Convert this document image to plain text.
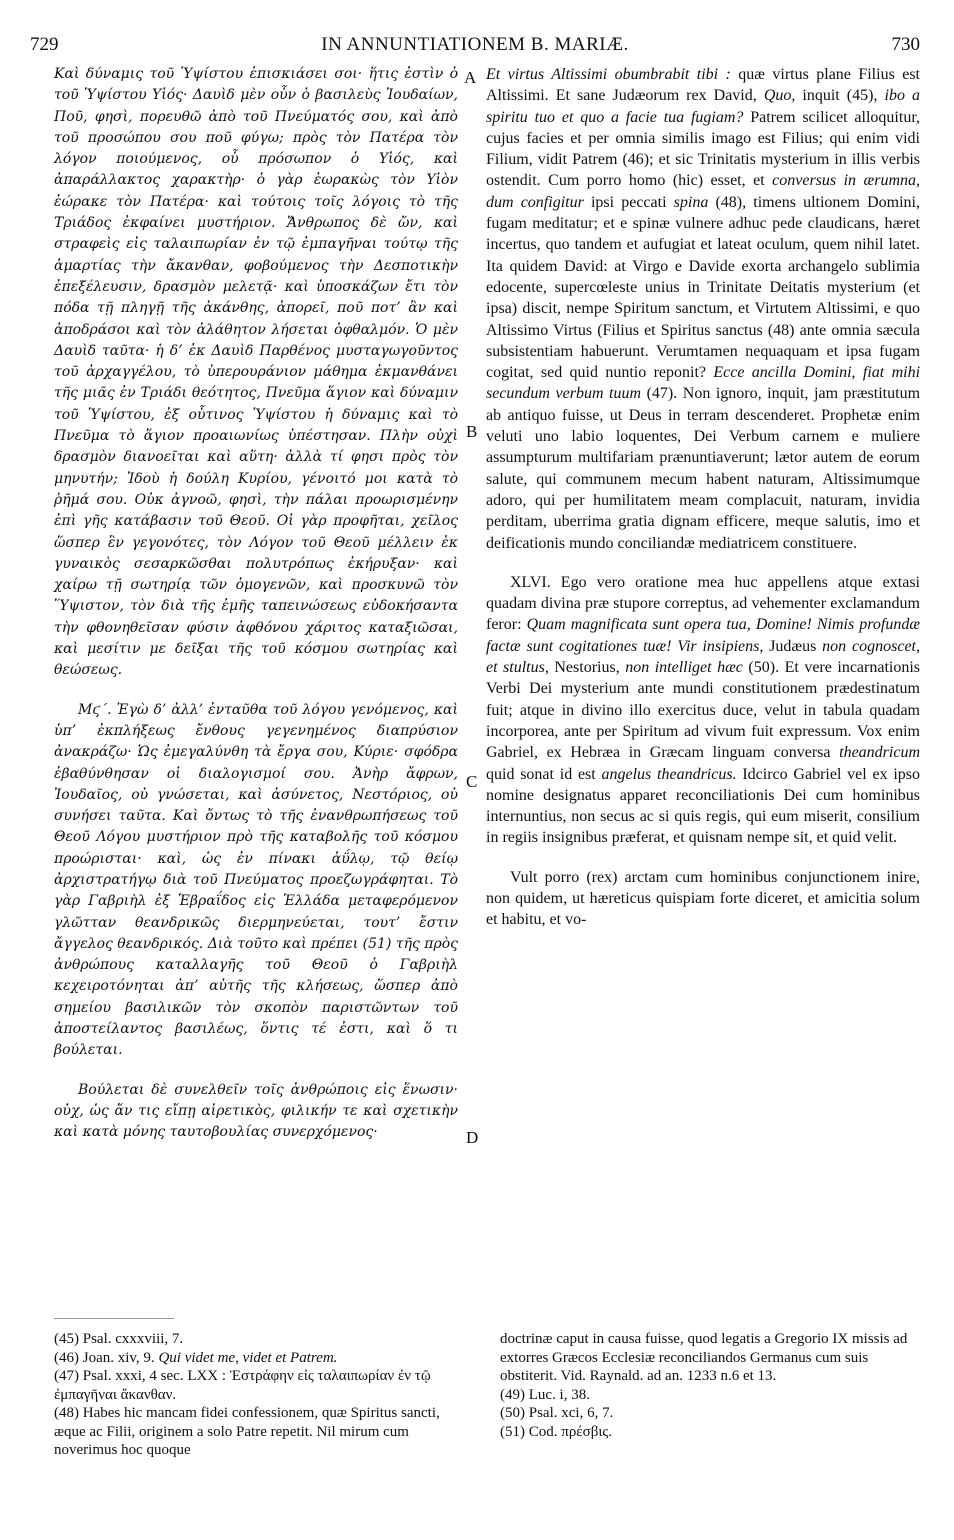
729	IN ANNUNTIATIONEM B. MARIÆ.	730

Καὶ δύναμις τοῦ Ὑψίστου ἐπισκιάσει σοι· ἥτις ἐστὶν ὁ τοῦ Ὑψίστου Υἱός· Δαυὶδ μὲν οὖν ὁ βασιλεὺς Ἰουδαίων, Ποῦ, φησὶ, πορευθῶ ἀπὸ τοῦ Πνεύματός σου, καὶ ἀπὸ τοῦ προσώπου σου ποῦ φύγω; πρὸς τὸν Πατέρα τὸν λόγον ποιούμενος, οὗ πρόσωπον ὁ Υἱός, καὶ ἀπαράλλακτος χαρακτὴρ· ὁ γὰρ ἑωρακὼς τὸν Υἱὸν ἑώρακε τὸν Πατέρα· καὶ τούτοις τοῖς λόγοις τὸ τῆς Τριάδος ἐκφαίνει μυστήριον. Ἄνθρωπος δὲ ὤν, καὶ στραφεὶς εἰς ταλαιπωρίαν ἐν τῷ ἐμπαγῆναι τούτῳ τῆς ἁμαρτίας τὴν ἄκανθαν, φοβούμενος τὴν Δεσποτικὴν ἐπεξέλευσιν, δρασμὸν μελετᾷ· καὶ ὑποσκάζων ἔτι τὸν πόδα τῇ πληγῇ τῆς ἀκάνθης, ἀπορεῖ, ποῦ ποτ’ ἂν καὶ ἀποδράσοι καὶ τὸν ἀλάθητον λήσεται ὀφθαλμόν. Ὁ μὲν Δαυὶδ ταῦτα· ἡ δ’ ἐκ Δαυὶδ Παρθένος μυσταγωγοῦντος τοῦ ἀρχαγγέλου, τὸ ὑπερουράνιον μάθημα ἐκμανθάνει τῆς μιᾶς ἐν Τριάδι θεότητος, Πνεῦμα ἅγιον καὶ δύναμιν τοῦ Ὑψίστου, ἐξ οὗτινος Ὑψίστου ἡ δύναμις καὶ τὸ Πνεῦμα τὸ ἅγιον προαιωνίως ὑπέστησαν. Πλὴν οὐχὶ δρασμὸν διανοεῖται καὶ αὕτη· ἀλλὰ τί φησι πρὸς τὸν μηνυτήν; Ἰδοὺ ἡ δούλη Κυρίου, γένοιτό μοι κατὰ τὸ ῥῆμά σου. Οὐκ ἀγνοῶ, φησὶ, τὴν πάλαι προωρισμένην ἐπὶ γῆς κατάβασιν τοῦ Θεοῦ. Οἱ γὰρ προφῆται, χεῖλος ὥσπερ ἓν γεγονότες, τὸν Λόγον τοῦ Θεοῦ μέλλειν ἐκ γυναικὸς σεσαρκῶσθαι πολυτρόπως ἐκήρυξαν· καὶ χαίρω τῇ σωτηρίᾳ τῶν ὁμογενῶν, καὶ προσκυνῶ τὸν Ὕψιστον, τὸν διὰ τῆς ἐμῆς ταπεινώσεως εὐδοκήσαντα τὴν φθονηθεῖσαν φύσιν ἀφθόνου χάριτος καταξιῶσαι, καὶ μεσίτιν με δεῖξαι τῆς τοῦ κόσμου σωτηρίας καὶ θεώσεως.

Μϛ΄. Ἐγὼ δ’ ἀλλ’ ἐνταῦθα τοῦ λόγου γενόμενος, καὶ ὑπ’ ἐκπλήξεως ἔνθους γεγενημένος διαπρύσιον ἀνακράζω· Ὡς ἐμεγαλύνθη τὰ ἔργα σου, Κύριε· σφόδρα ἐβαθύνθησαν οἱ διαλογισμοί σου. Ἀνὴρ ἄφρων, Ἰουδαῖος, οὐ γνώσεται, καὶ ἀσύνετος, Νεστόριος, οὐ συνήσει ταῦτα. Καὶ ὄντως τὸ τῆς ἐνανθρωπήσεως τοῦ Θεοῦ Λόγου μυστήριον πρὸ τῆς καταβολῆς τοῦ κόσμου προώρισται· καὶ, ὡς ἐν πίνακι ἀΰλῳ, τῷ θείῳ ἀρχιστρατήγῳ διὰ τοῦ Πνεύματος προεζωγράφηται. Τὸ γὰρ Γαβριὴλ ἐξ Ἑβραΐδος εἰς Ἑλλάδα μεταφερόμενον γλῶτταν θεανδρικῶς διερμηνεύεται, τουτ’ ἔστιν ἄγγελος θεανδρικός. Διὰ τοῦτο καὶ πρέπει (51) τῆς πρὸς ἀνθρώπους καταλλαγῆς τοῦ Θεοῦ ὁ Γαβριὴλ κεχειροτόνηται ἀπ’ αὐτῆς τῆς κλήσεως, ὥσπερ ἀπὸ σημείου βασιλικῶν τὸν σκοπὸν παριστῶντων τοῦ ἀποστείλαντος βασιλέως, ὅντις τέ ἐστι, καὶ ὅ τι βούλεται.

Βούλεται δὲ συνελθεῖν τοῖς ἀνθρώποις εἰς ἕνωσιν· οὐχ, ὡς ἄν τις εἴπῃ αἱρετικὸς, φιλικήν τε καὶ σχετικὴν καὶ κατὰ μόνης ταυτοβουλίας συνερχόμενος·

Et virtus Altissimi obumbrabit tibi : quæ virtus plane Filius est Altissimi. Et sane Judæorum rex David, Quo, inquit (45), ibo a spiritu tuo et quo a facie tua fugiam? Patrem scilicet alloquitur, cujus facies et per omnia similis imago est Filius; qui enim vidi Filium, vidit Patrem (46); et sic Trinitatis mysterium in illis verbis ostendit. Cum porro homo (hic) esset, et conversus in ærumna, dum configitur ipsi peccati spina (48), timens ultionem Domini, fugam meditatur; et e spinæ vulnere adhuc pede claudicans, hæret incertus, quo tandem et aufugiat et lateat oculum, quem nihil latet. Ita quidem David: at Virgo e Davide exorta archangelo sublimia edocente, supercœleste unius in Trinitate Deitatis mysterium (et ipsa) discit, nempe Spiritum sanctum, et Virtutem Altissimi, e quo Altissimo Virtus (Filius et Spiritus sanctus (48) ante omnia sæcula subsistentiam habuerunt. Verumtamen nequaquam et ipsa fugam cogitat, sed quid nuntio reponit? Ecce ancilla Domini, fiat mihi secundum verbum tuum (47). Non ignoro, inquit, jam præstitutum ab antiquo fuisse, ut Deus in terram descenderet. Prophetæ enim veluti uno labio loquentes, Dei Verbum carnem e muliere assumpturum multifariam prænuntiaverunt; lætor autem de eorum salute, qui communem mecum habent naturam, Altissimumque adoro, qui per humilitatem meam complacuit, naturam, invidia perditam, uberrima gratia dignam efficere, meque salutis, imo et deificationis mundo conciliandæ mediatricem constituere.

XLVI. Ego vero oratione mea huc appellens atque extasi quadam divina præ stupore correptus, ad vehementer exclamandum feror: Quam magnificata sunt opera tua, Domine! Nimis profundæ factæ sunt cogitationes tuæ! Vir insipiens, Judæus non cognoscet, et stultus, Nestorius, non intelliget hæc (50). Et vere incarnationis Verbi Dei mysterium ante mundi constitutionem prædestinatum fuit; atque in divino illo exercitus duce, velut in tabula quadam incorporea, ante per Spiritum ad vivum fuit expressum. Vox enim Gabriel, ex Hebræa in Græcam linguam conversa theandricum quid sonat id est angelus theandricus. Idcirco Gabriel vel ex ipso nomine designatus apparet reconciliationis Dei cum hominibus internuntius, non secus ac si quis regis, qui eum miserit, consilium in regiis insignibus præferat, et quisnam nempe sit, et quid velit.

Vult porro (rex) arctam cum hominibus conjunctionem inire, non quidem, ut hæreticus quispiam forte diceret, et amicitia solum et habitu, et vo-

A
B
C
D

(45) Psal. cxxxviii, 7.

(46) Joan. xiv, 9. Qui videt me, videt et Patrem.

(47) Psal. xxxi, 4 sec. LXX : Ἐστράφην εἰς ταλαιπωρίαν ἐν τῷ ἐμπαγῆναι ἄκανθαν.

(48) Habes hic mancam fidei confessionem, quæ Spiritus sancti, æque ac Filii, originem a solo Patre repetit. Nil mirum cum noverimus hoc quoque

doctrinæ caput in causa fuisse, quod legatis a Gregorio IX missis ad extorres Græcos Ecclesiæ reconciliandos Germanus cum suis obstiterit. Vid. Raynald. ad an. 1233 n.6 et 13.

(49) Luc. i, 38.

(50) Psal. xci, 6, 7.

(51) Cod. πρέσβις.
